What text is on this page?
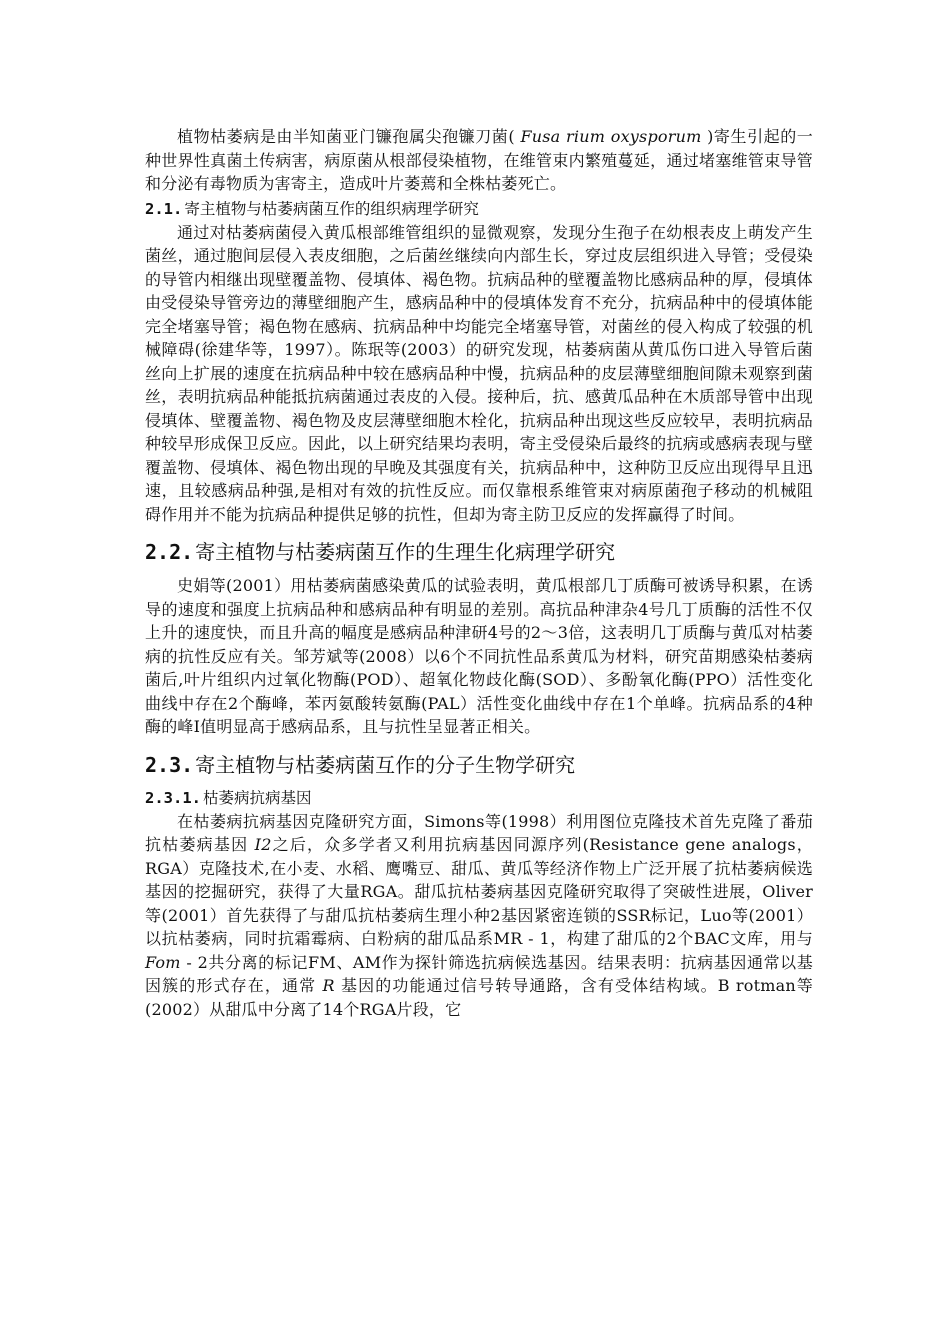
植物枯萎病是由半知菌亚门镰孢属尖孢镰刀菌( Fusa rium oxysporum )寄生引起的一种世界性真菌土传病害，病原菌从根部侵染植物，在维管束内繁殖蔓延，通过堵塞维管束导管和分泌有毒物质为害寄主，造成叶片萎蔫和全株枯萎死亡。

2.1. 寄主植物与枯萎病菌互作的组织病理学研究

通过对枯萎病菌侵入黄瓜根部维管组织的显微观察，发现分生孢子在幼根表皮上萌发产生菌丝，通过胞间层侵入表皮细胞，之后菌丝继续向内部生长，穿过皮层组织进入导管；受侵染的导管内相继出现壁覆盖物、侵填体、褐色物。抗病品种的壁覆盖物比感病品种的厚，侵填体由受侵染导管旁边的薄壁细胞产生，感病品种中的侵填体发育不充分，抗病品种中的侵填体能完全堵塞导管；褐色物在感病、抗病品种中均能完全堵塞导管，对菌丝的侵入构成了较强的机械障碍(徐建华等，1997）。陈珉等(2003）的研究发现，枯萎病菌从黄瓜伤口进入导管后菌丝向上扩展的速度在抗病品种中较在感病品种中慢，抗病品种的皮层薄壁细胞间隙未观察到菌丝，表明抗病品种能抵抗病菌通过表皮的入侵。接种后，抗、感黄瓜品种在木质部导管中出现侵填体、壁覆盖物、褐色物及皮层薄壁细胞木栓化，抗病品种出现这些反应较早，表明抗病品种较早形成保卫反应。因此，以上研究结果均表明，寄主受侵染后最终的抗病或感病表现与壁覆盖物、侵填体、褐色物出现的早晚及其强度有关，抗病品种中，这种防卫反应出现得早且迅速，且较感病品种强,是相对有效的抗性反应。而仅靠根系维管束对病原菌孢子移动的机械阻碍作用并不能为抗病品种提供足够的抗性，但却为寄主防卫反应的发挥赢得了时间。

2.2. 寄主植物与枯萎病菌互作的生理生化病理学研究

史娟等(2001）用枯萎病菌感染黄瓜的试验表明，黄瓜根部几丁质酶可被诱导积累，在诱导的速度和强度上抗病品种和感病品种有明显的差别。高抗品种津杂4号几丁质酶的活性不仅上升的速度快，而且升高的幅度是感病品种津研4号的2～3倍，这表明几丁质酶与黄瓜对枯萎病的抗性反应有关。邹芳斌等(2008）以6个不同抗性品系黄瓜为材料，研究苗期感染枯萎病菌后,叶片组织内过氧化物酶(POD）、超氧化物歧化酶(SOD）、多酚氧化酶(PPO）活性变化曲线中存在2个酶峰，苯丙氨酸转氨酶(PAL）活性变化曲线中存在1个单峰。抗病品系的4种酶的峰Ⅰ值明显高于感病品系，且与抗性呈显著正相关。

2.3. 寄主植物与枯萎病菌互作的分子生物学研究
2.3.1. 枯萎病抗病基因

在枯萎病抗病基因克隆研究方面，Simons等(1998）利用图位克隆技术首先克隆了番茄抗枯萎病基因 I2之后，众多学者又利用抗病基因同源序列(Resistance gene analogs，RGA）克隆技术,在小麦、水稻、鹰嘴豆、甜瓜、黄瓜等经济作物上广泛开展了抗枯萎病候选基因的挖掘研究，获得了大量RGA。甜瓜抗枯萎病基因克隆研究取得了突破性进展，Oliver等(2001）首先获得了与甜瓜抗枯萎病生理小种2基因紧密连锁的SSR标记，Luo等(2001）以抗枯萎病，同时抗霜霉病、白粉病的甜瓜品系MR - 1，构建了甜瓜的2个BAC文库，用与Fom - 2共分离的标记FM、AM作为探针筛选抗病候选基因。结果表明：抗病基因通常以基因簇的形式存在，通常 R 基因的功能通过信号转导通路，含有受体结构域。B rotman等(2002）从甜瓜中分离了14个RGA片段，它
